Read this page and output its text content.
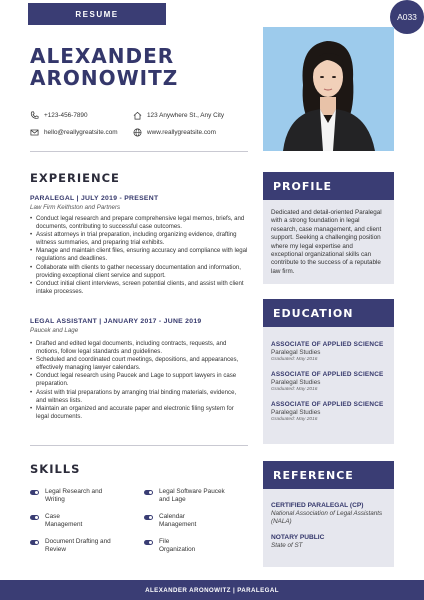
RESUME	A033
ALEXANDER
ARONOWITZ
+123-456-7890	123 Anywhere St., Any City
hello@reallygreatsite.com	www.reallygreatsite.com
EXPERIENCE
PARALEGAL | JULY 2019 - PRESENT
Law Firm Keithston and Partners
• Conduct legal research and prepare comprehensive legal memos, briefs, and documents, contributing to successful case outcomes.
• Assist attorneys in trial preparation, including organizing evidence, drafting witness summaries, and preparing trial exhibits.
• Manage and maintain client files, ensuring accuracy and compliance with legal regulations and deadlines.
• Collaborate with clients to gather necessary documentation and information, providing exceptional client service and support.
• Conduct initial client interviews, screen potential clients, and assist with client intake processes.
LEGAL ASSISTANT | JANUARY 2017 - JUNE 2019
Paucek and Lage
• Drafted and edited legal documents, including contracts, requests, and motions, follow legal standards and guidelines.
• Scheduled and coordinated court meetings, depositions, and appearances, effectively managing lawyer calendars.
• Conduct legal research using Paucek and Lage to support lawyers in case preparation.
• Assist with trial preparations by arranging trial binding materials, evidence, and witness lists.
• Maintain an organized and accurate paper and electronic filing system for legal documents.
SKILLS
Legal Research and Writing
Legal Software Paucek and Lage
Case Management
Calendar Management
Document Drafting and Review
File Organization
PROFILE
Dedicated and detail-oriented Paralegal with a strong foundation in legal research, case management, and client support. Seeking a challenging position where my legal expertise and exceptional organizational skills can contribute to the success of a reputable law firm.
EDUCATION
ASSOCIATE OF APPLIED SCIENCE
Paralegal Studies
Graduated: May 2016
ASSOCIATE OF APPLIED SCIENCE
Paralegal Studies
Graduated: May 2016
ASSOCIATE OF APPLIED SCIENCE
Paralegal Studies
Graduated: May 2016
REFERENCE
CERTIFIED PARALEGAL (CP)
National Association of Legal Assistants (NALA)
NOTARY PUBLIC
State of ST
ALEXANDER ARONOWITZ | PARALEGAL
